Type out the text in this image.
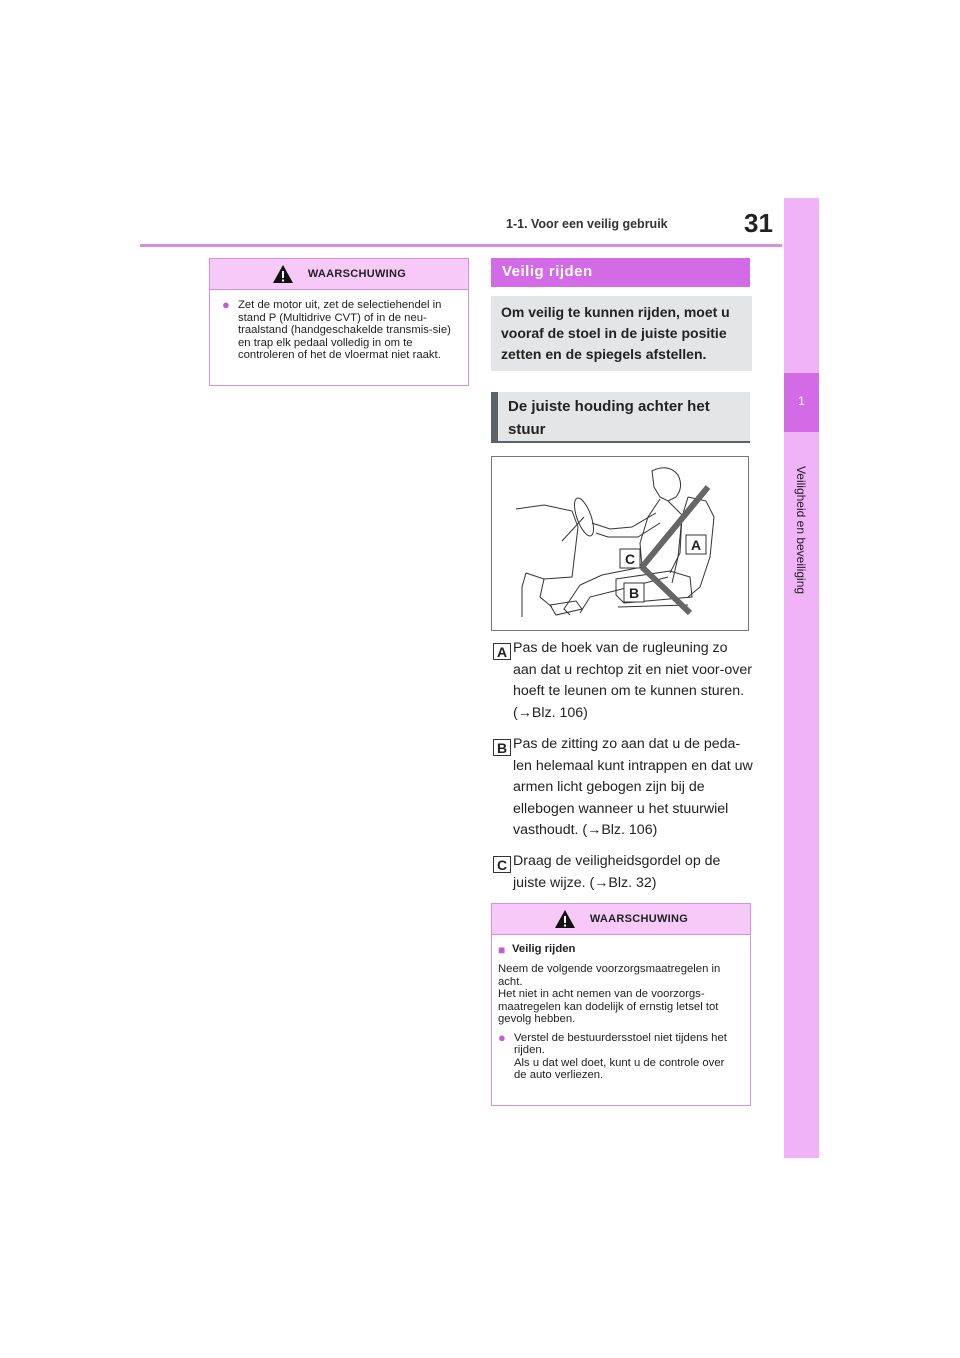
1-1. Voor een veilig gebruik	31
1
Veiligheid en beveiliging
WAARSCHUWING
● Zet de motor uit, zet de selectiehendel in stand P (Multidrive CVT) of in de neu-traalstand (handgeschakelde transmis-sie) en trap elk pedaal volledig in om te controleren of het de vloermat niet raakt.
Veilig rijden
Om veilig te kunnen rijden, moet u vooraf de stoel in de juiste positie zetten en de spiegels afstellen.
De juiste houding achter het stuur
A
C
B
A Pas de hoek van de rugleuning zo aan dat u rechtop zit en niet voor-over hoeft te leunen om te kunnen sturen. (→Blz. 106)
B Pas de zitting zo aan dat u de peda-len helemaal kunt intrappen en dat uw armen licht gebogen zijn bij de ellebogen wanneer u het stuurwiel vasthoudt. (→Blz. 106)
C Draag de veiligheidsgordel op de juiste wijze. (→Blz. 32)
WAARSCHUWING
■ Veilig rijden
Neem de volgende voorzorgsmaatregelen in acht.
Het niet in acht nemen van de voorzorgs-maatregelen kan dodelijk of ernstig letsel tot gevolg hebben.
● Verstel de bestuurdersstoel niet tijdens het rijden.
Als u dat wel doet, kunt u de controle over de auto verliezen.
